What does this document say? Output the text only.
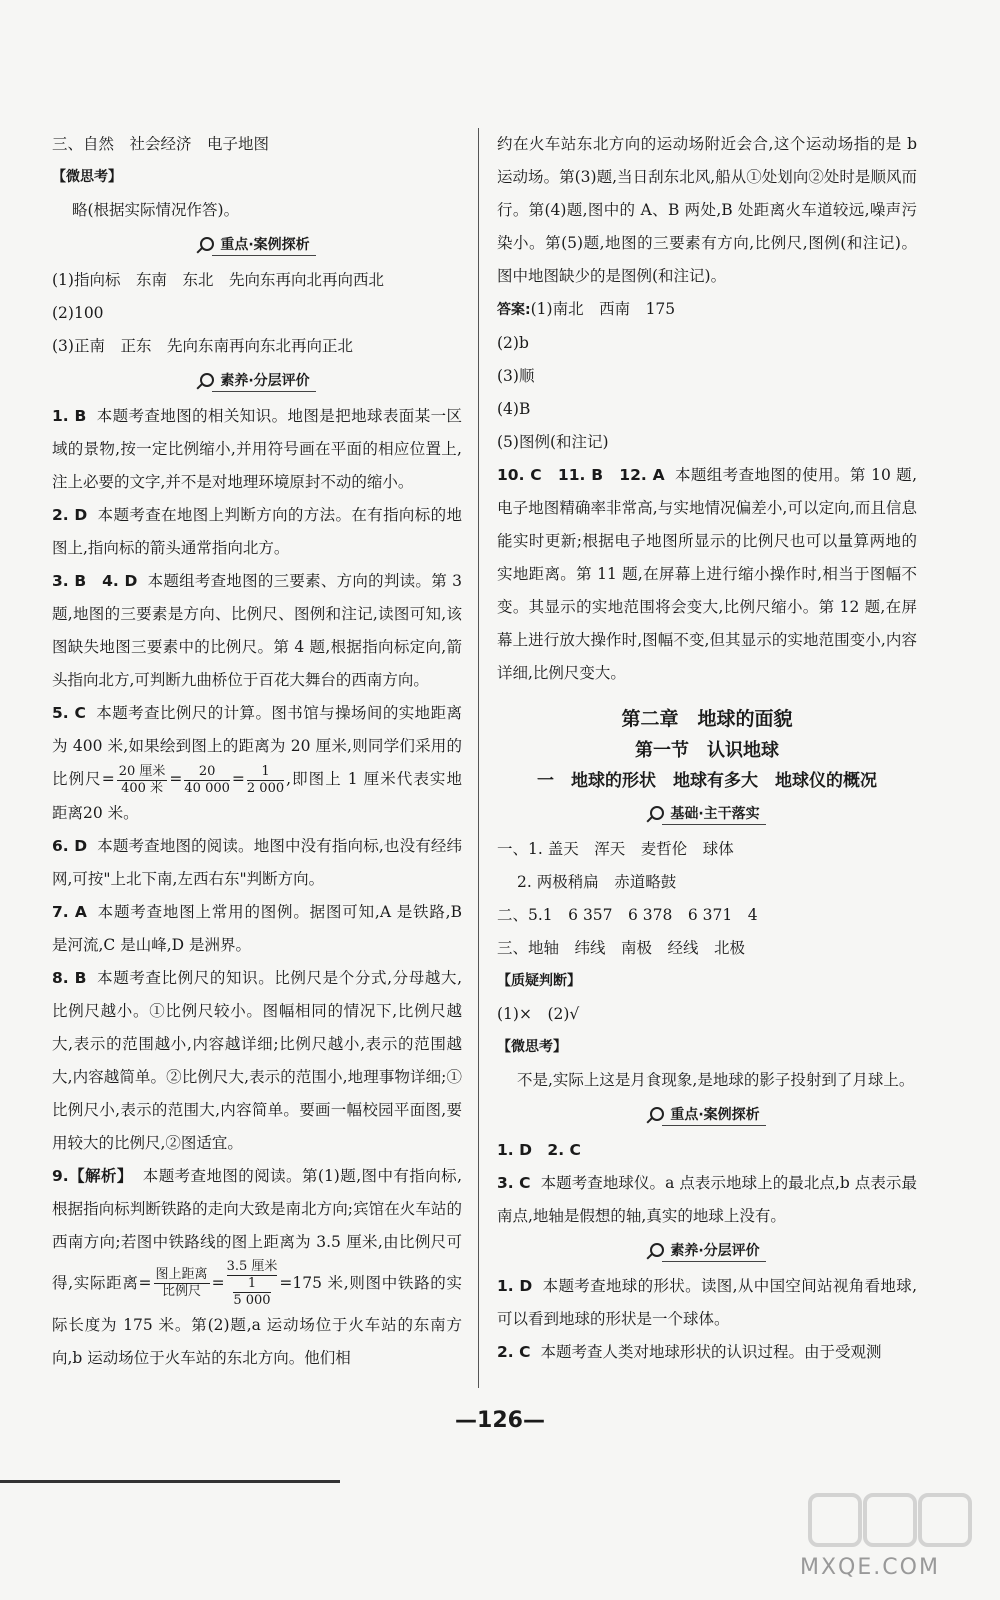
三、自然　社会经济　电子地图

【微思考】

略(根据实际情况作答)。

重点·案例探析

(1)指向标　东南　东北　先向东再向北再向西北

(2)100

(3)正南　正东　先向东南再向东北再向正北

素养·分层评价

1. B 本题考查地图的相关知识。地图是把地球表面某一区域的景物,按一定比例缩小,并用符号画在平面的相应位置上,注上必要的文字,并不是对地理环境原封不动的缩小。

2. D 本题考查在地图上判断方向的方法。在有指向标的地图上,指向标的箭头通常指向北方。

3. B　4. D 本题组考查地图的三要素、方向的判读。第 3 题,地图的三要素是方向、比例尺、图例和注记,读图可知,该图缺失地图三要素中的比例尺。第 4 题,根据指向标定向,箭头指向北方,可判断九曲桥位于百花大舞台的西南方向。

5. C 本题考查比例尺的计算。图书馆与操场间的实地距离为 400 米,如果绘到图上的距离为 20 厘米,则同学们采用的比例尺= $\frac{\text{20 厘米}}{\text{400 米}} = \frac{20}{40 000} = \frac{1}{2 000}$ ,即图上 1 厘米代表实地距离20 米。

6. D 本题考查地图的阅读。地图中没有指向标,也没有经纬网,可按"上北下南,左西右东"判断方向。

7. A 本题考查地图上常用的图例。据图可知,A 是铁路,B 是河流,C 是山峰,D 是洲界。

8. B 本题考查比例尺的知识。比例尺是个分式,分母越大,比例尺越小。①比例尺较小。图幅相同的情况下,比例尺越大,表示的范围越小,内容越详细;比例尺越小,表示的范围越大,内容越简单。②比例尺大,表示的范围小,地理事物详细;①比例尺小,表示的范围大,内容简单。要画一幅校园平面图,要用较大的比例尺,②图适宜。

9.【解析】 本题考查地图的阅读。第(1)题,图中有指向标,根据指向标判断铁路的走向大致是南北方向;宾馆在火车站的西南方向;若图中铁路线的图上距离为 3.5 厘米,由比例尺可得,实际距离= $\frac{\text{图上距离}}{\text{比例尺}}$ =
3.5 厘米
$\frac{1}{5 000} =175$ 米,则图中铁路的实际长度为 175 米。第(2)题,a 运动场位于火车站的东南方向,b 运动场位于火车站的东北方向。他们相

约在火车站东北方向的运动场附近会合,这个运动场指的是 b 运动场。第(3)题,当日刮东北风,船从①处划向②处时是顺风而行。第(4)题,图中的 A、B 两处,B 处距离火车道较远,噪声污染小。第(5)题,地图的三要素有方向,比例尺,图例(和注记)。图中地图缺少的是图例(和注记)。

答案:(1)南北　西南　175

(2)b

(3)顺

(4)B

(5)图例(和注记)

10. C　11. B　12. A 本题组考查地图的使用。第 10 题,电子地图精确率非常高,与实地情况偏差小,可以定向,而且信息能实时更新;根据电子地图所显示的比例尺也可以量算两地的实地距离。第 11 题,在屏幕上进行缩小操作时,相当于图幅不变。其显示的实地范围将会变大,比例尺缩小。第 12 题,在屏幕上进行放大操作时,图幅不变,但其显示的实地范围变小,内容详细,比例尺变大。

第二章　地球的面貌
第一节　认识地球
一　地球的形状　地球有多大　地球仪的概况
基础·主干落实

一、1. 盖天　浑天　麦哲伦　球体

2. 两极稍扁　赤道略鼓

二、5.1　6 357　6 378　6 371　4

三、地轴　纬线　南极　经线　北极

【质疑判断】

(1)×　(2)√

【微思考】

不是,实际上这是月食现象,是地球的影子投射到了月球上。

重点·案例探析

1. D　2. C

3. C 本题考查地球仪。a 点表示地球上的最北点,b 点表示最南点,地轴是假想的轴,真实的地球上没有。

素养·分层评价

1. D 本题考查地球的形状。读图,从中国空间站视角看地球,可以看到地球的形状是一个球体。

2. C 本题考查人类对地球形状的认识过程。由于受观测

—126—
MXQE.COM
